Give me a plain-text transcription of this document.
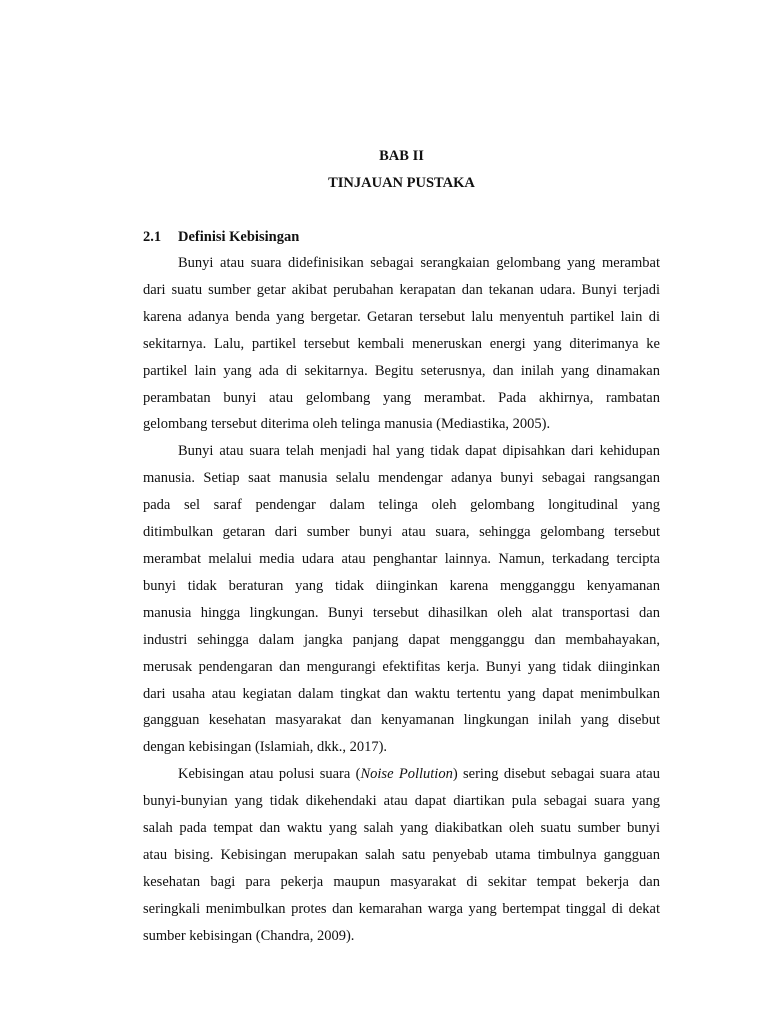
BAB II
TINJAUAN PUSTAKA
2.1 Definisi Kebisingan

Bunyi atau suara didefinisikan sebagai serangkaian gelombang yang merambat
dari suatu sumber getar akibat perubahan kerapatan dan tekanan udara. Bunyi terjadi
karena adanya benda yang bergetar. Getaran tersebut lalu menyentuh partikel lain di
sekitarnya. Lalu, partikel tersebut kembali meneruskan energi yang diterimanya ke
partikel lain yang ada di sekitarnya. Begitu seterusnya, dan inilah yang dinamakan
perambatan bunyi atau gelombang yang merambat. Pada akhirnya, rambatan
gelombang tersebut diterima oleh telinga manusia (Mediastika, 2005).

Bunyi atau suara telah menjadi hal yang tidak dapat dipisahkan dari kehidupan
manusia. Setiap saat manusia selalu mendengar adanya bunyi sebagai rangsangan
pada sel saraf pendengar dalam telinga oleh gelombang longitudinal yang
ditimbulkan getaran dari sumber bunyi atau suara, sehingga gelombang tersebut
merambat melalui media udara atau penghantar lainnya. Namun, terkadang tercipta
bunyi tidak beraturan yang tidak diinginkan karena mengganggu kenyamanan
manusia hingga lingkungan. Bunyi tersebut dihasilkan oleh alat transportasi dan
industri sehingga dalam jangka panjang dapat mengganggu dan membahayakan,
merusak pendengaran dan mengurangi efektifitas kerja. Bunyi yang tidak diinginkan
dari usaha atau kegiatan dalam tingkat dan waktu tertentu yang dapat menimbulkan
gangguan kesehatan masyarakat dan kenyamanan lingkungan inilah yang disebut
dengan kebisingan (Islamiah, dkk., 2017).

Kebisingan atau polusi suara (Noise Pollution) sering disebut sebagai suara atau
bunyi-bunyian yang tidak dikehendaki atau dapat diartikan pula sebagai suara yang
salah pada tempat dan waktu yang salah yang diakibatkan oleh suatu sumber bunyi
atau bising. Kebisingan merupakan salah satu penyebab utama timbulnya gangguan
kesehatan bagi para pekerja maupun masyarakat di sekitar tempat bekerja dan
seringkali menimbulkan protes dan kemarahan warga yang bertempat tinggal di dekat
sumber kebisingan (Chandra, 2009).
